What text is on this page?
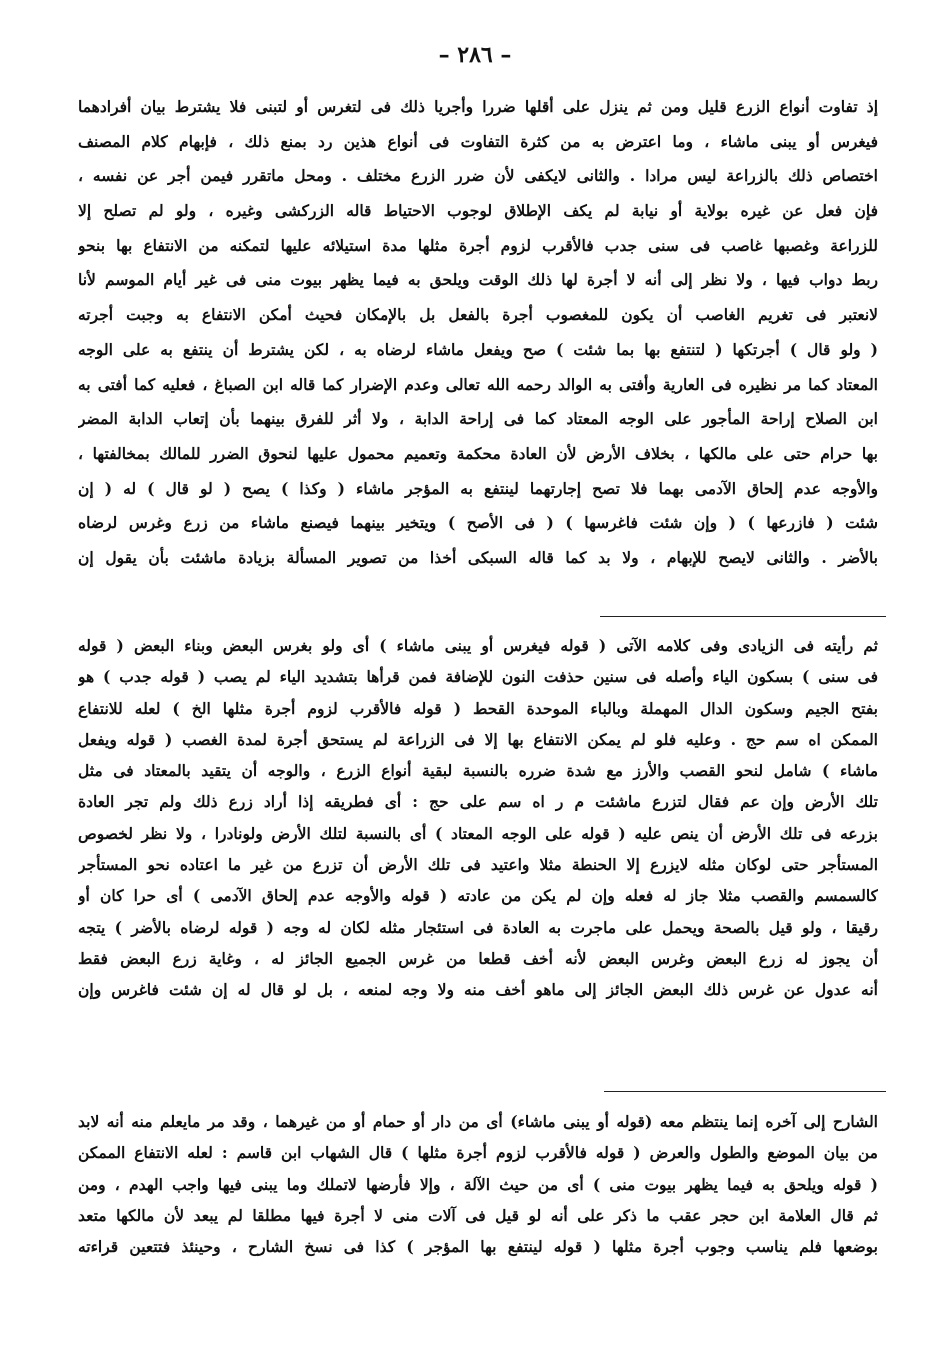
– ٢٨٦ –
إذ تفاوت أنواع الزرع قليل ومن ثم ينزل على أقلها ضررا وأجريا ذلك فى لتغرس أو لتبنى فلا يشترط بيان أفرادهما
فيغرس أو يبنى ماشاء ، وما اعترض به من كثرة التفاوت فى أنواع هذين رد بمنع ذلك ، فإبهام كلام المصنف
اختصاص ذلك بالزراعة ليس مرادا . والثانى لايكفى لأن ضرر الزرع مختلف . ومحل ماتقرر فيمن أجر عن نفسه ،
فإن فعل عن غيره بولاية أو نيابة لم يكف الإطلاق لوجوب الاحتياط قاله الزركشى وغيره ، ولو لم تصلح إلا
للزراعة وغصبها غاصب فى سنى جدب فالأقرب لزوم أجرة مثلها مدة استيلائه عليها لتمكنه من الانتفاع بها بنحو
ربط دواب فيها ، ولا نظر إلى أنه لا أجرة لها ذلك الوقت ويلحق به فيما يظهر بيوت منى فى غير أيام الموسم لأنا
لانعتبر فى تغريم الغاصب أن يكون للمغصوب أجرة بالفعل بل بالإمكان فحيث أمكن الانتفاع به وجبت أجرته
( ولو قال ) أجرتكها ( لتنتفع بها بما شئت ) صح ويفعل ماشاء لرضاه به ، لكن يشترط أن ينتفع به على الوجه
المعتاد كما مر نظيره فى العارية وأفتى به الوالد رحمه الله تعالى وعدم الإضرار كما قاله ابن الصباغ ، فعليه كما أفتى به
ابن الصلاح إراحة المأجور على الوجه المعتاد كما فى إراحة الدابة ، ولا أثر للفرق بينهما بأن إتعاب الدابة المضر
بها حرام حتى على مالكها ، بخلاف الأرض لأن العادة محكمة وتعميم محمول عليها لنحوق الضرر للمالك بمخالفتها ،
والأوجه عدم إلحاق الآدمى بهما فلا تصح إجارتهما لينتفع به المؤجر ماشاء ( وكذا ) يصح ( لو قال ) له ( إن
شئت ( فازرعها ) ( وإن شئت فاغرسها ) ( فى الأصح ) ويتخير بينهما فيصنع ماشاء من زرع وغرس لرضاه
بالأضر . والثانى لايصح للإبهام ، ولا بد كما قاله السبكى أخذا من تصوير المسألة بزيادة ماشئت بأن يقول إن
ثم رأيته فى الزيادى وفى كلامه الآتى ( قوله فيغرس أو يبنى ماشاء ) أى ولو بغرس البعض وبناء البعض ( قوله
فى سنى ) بسكون الياء وأصله فى سنين حذفت النون للإضافة فمن قرأها بتشديد الياء لم يصب ( قوله جدب ) هو
بفتح الجيم وسكون الدال المهملة وبالباء الموحدة القحط ( قوله فالأقرب لزوم أجرة مثلها الخ ) لعله للانتفاع
الممكن اه سم حج . وعليه فلو لم يمكن الانتفاع بها إلا فى الزراعة لم يستحق أجرة لمدة الغصب ( قوله ويفعل
ماشاء ) شامل لنحو القصب والأرز مع شدة ضرره بالنسبة لبقية أنواع الزرع ، والوجه أن يتقيد بالمعتاد فى مثل
تلك الأرض وإن عم فقال لتزرع ماشئت م ر اه سم على حج : أى فطريقه إذا أراد زرع ذلك ولم تجر العادة
بزرعه فى تلك الأرض أن ينص عليه ( قوله على الوجه المعتاد ) أى بالنسبة لتلك الأرض ولونادرا ، ولا نظر لخصوص
المستأجر حتى لوكان مثله لايزرع إلا الحنطة مثلا واعتيد فى تلك الأرض أن تزرع من غير ما اعتاده نحو المستأجر
كالسمسم والقصب مثلا جاز له فعله وإن لم يكن من عادته ( قوله والأوجه عدم إلحاق الآدمى ) أى حرا كان أو
رقيقا ، ولو قيل بالصحة ويحمل على ماجرت به العادة فى استئجار مثله لكان له وجه ( قوله لرضاه بالأضر ) يتجه
أن يجوز له زرع البعض وغرس البعض لأنه أخف قطعا من غرس الجميع الجائز له ، وغاية زرع البعض فقط
أنه عدول عن غرس ذلك البعض الجائز إلى ماهو أخف منه ولا وجه لمنعه ، بل لو قال له إن شئت فاغرس وإن
الشارح إلى آخره إنما ينتظم معه (قوله أو يبنى ماشاء) أى من دار أو حمام أو من غيرهما ، وقد مر مايعلم منه أنه لابد
من بيان الموضع والطول والعرض ( قوله فالأقرب لزوم أجرة مثلها ) قال الشهاب ابن قاسم : لعله الانتفاع الممكن
( قوله ويلحق به فيما يظهر بيوت منى ) أى من حيث الآلة ، وإلا فأرضها لاتملك وما يبنى فيها واجب الهدم ، ومن
ثم قال العلامة ابن حجر عقب ما ذكر على أنه لو قيل فى آلات منى لا أجرة فيها مطلقا لم يبعد لأن مالكها متعد
بوضعها فلم يناسب وجوب أجرة مثلها ( قوله لينتفع بها المؤجر ) كذا فى نسخ الشارح ، وحينئذ فتتعين قراءته
